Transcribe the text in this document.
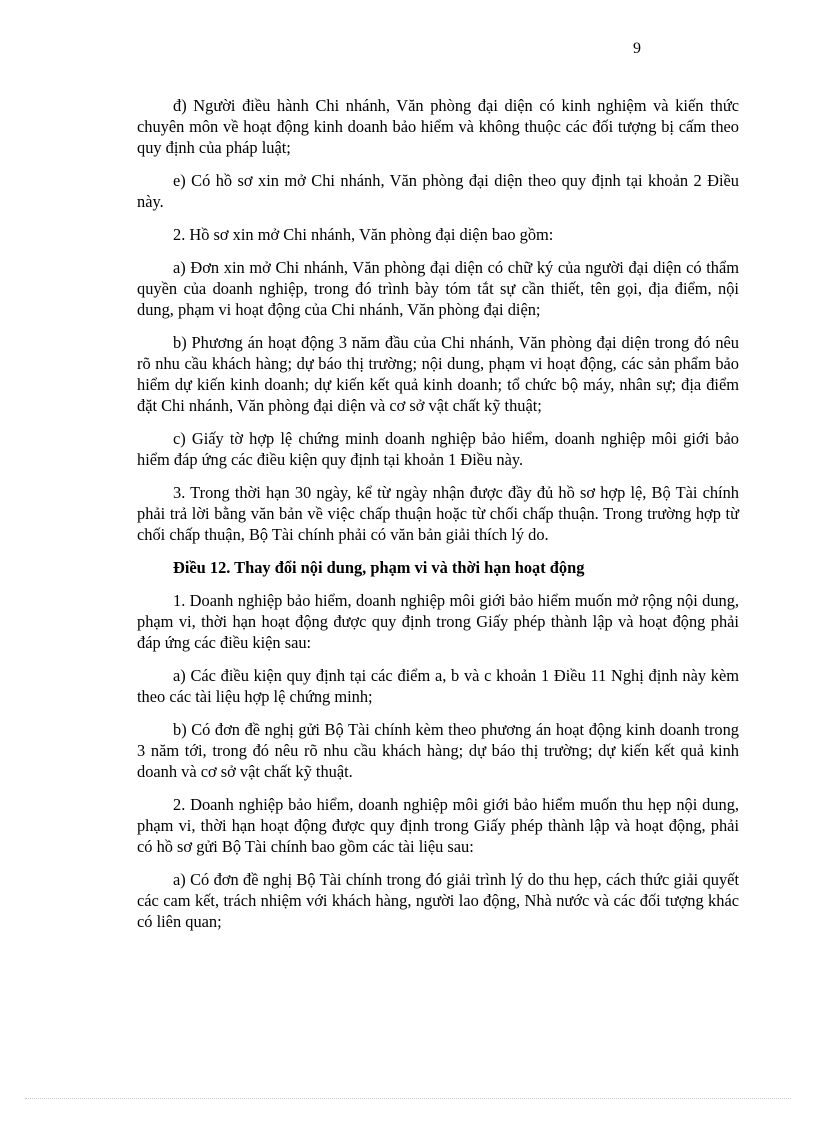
9

đ) Người điều hành Chi nhánh, Văn phòng đại diện có kinh nghiệm và kiến thức chuyên môn về hoạt động kinh doanh bảo hiểm và không thuộc các đối tượng bị cấm theo quy định của pháp luật;

e) Có hồ sơ xin mở Chi nhánh, Văn phòng đại diện theo quy định tại khoản 2 Điều này.

2. Hồ sơ xin mở Chi nhánh, Văn phòng đại diện bao gồm:

a) Đơn xin mở Chi nhánh, Văn phòng đại diện có chữ ký của người đại diện có thẩm quyền của doanh nghiệp, trong đó trình bày tóm tắt sự cần thiết, tên gọi, địa điểm, nội dung, phạm vi hoạt động của Chi nhánh, Văn phòng đại diện;

b) Phương án hoạt động 3 năm đầu của Chi nhánh, Văn phòng đại diện trong đó nêu rõ nhu cầu khách hàng; dự báo thị trường; nội dung, phạm vi hoạt động, các sản phẩm bảo hiểm dự kiến kinh doanh; dự kiến kết quả kinh doanh; tổ chức bộ máy, nhân sự; địa điểm đặt Chi nhánh, Văn phòng đại diện và cơ sở vật chất kỹ thuật;

c) Giấy tờ hợp lệ chứng minh doanh nghiệp bảo hiểm, doanh nghiệp môi giới bảo hiểm đáp ứng các điều kiện quy định tại khoản 1 Điều này.

3. Trong thời hạn 30 ngày, kể từ ngày nhận được đầy đủ hồ sơ hợp lệ, Bộ Tài chính phải trả lời bằng văn bản về việc chấp thuận hoặc từ chối chấp thuận. Trong trường hợp từ chối chấp thuận, Bộ Tài chính phải có văn bản giải thích lý do.

Điều 12. Thay đổi nội dung, phạm vi và thời hạn hoạt động

1. Doanh nghiệp bảo hiểm, doanh nghiệp môi giới bảo hiểm muốn mở rộng nội dung, phạm vi, thời hạn hoạt động được quy định trong Giấy phép thành lập và hoạt động phải đáp ứng các điều kiện sau:

a) Các điều kiện quy định tại các điểm a, b và c khoản 1 Điều 11 Nghị định này kèm theo các tài liệu hợp lệ chứng minh;

b) Có đơn đề nghị gửi Bộ Tài chính kèm theo phương án hoạt động kinh doanh trong 3 năm tới, trong đó nêu rõ nhu cầu khách hàng; dự báo thị trường; dự kiến kết quả kinh doanh và cơ sở vật chất kỹ thuật.

2. Doanh nghiệp bảo hiểm, doanh nghiệp môi giới bảo hiểm muốn thu hẹp nội dung, phạm vi, thời hạn hoạt động được quy định trong Giấy phép thành lập và hoạt động, phải có hồ sơ gửi Bộ Tài chính bao gồm các tài liệu sau:

a) Có đơn đề nghị Bộ Tài chính trong đó giải trình lý do thu hẹp, cách thức giải quyết các cam kết, trách nhiệm với khách hàng, người lao động, Nhà nước và các đối tượng khác có liên quan;
